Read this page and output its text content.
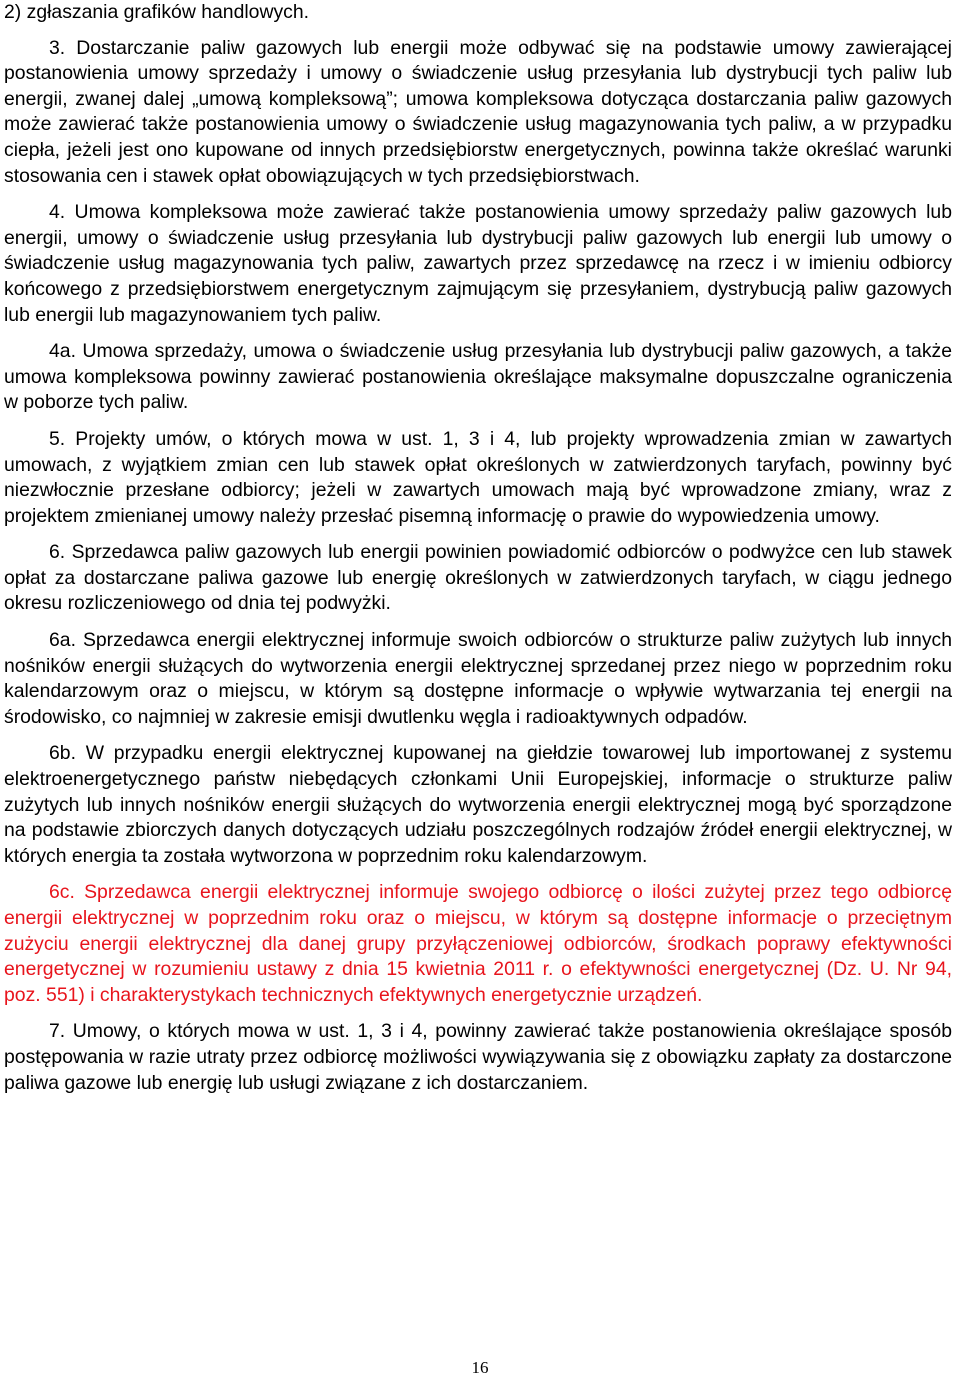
2) zgłaszania grafików handlowych.

3. Dostarczanie paliw gazowych lub energii może odbywać się na podstawie umowy zawierającej postanowienia umowy sprzedaży i umowy o świadczenie usług przesyłania lub dystrybucji tych paliw lub energii, zwanej dalej „umową kompleksową”; umowa kompleksowa dotycząca dostarczania paliw gazowych może zawierać także postanowienia umowy o świadczenie usług magazynowania tych paliw, a w przypadku ciepła, jeżeli jest ono kupowane od innych przedsiębiorstw energetycznych, powinna także określać warunki stosowania cen i stawek opłat obowiązujących w tych przedsiębiorstwach.

4. Umowa kompleksowa może zawierać także postanowienia umowy sprzedaży paliw gazowych lub energii, umowy o świadczenie usług przesyłania lub dystrybucji paliw gazowych lub energii lub umowy o świadczenie usług magazynowania tych paliw, zawartych przez sprzedawcę na rzecz i w imieniu odbiorcy końcowego z przedsiębiorstwem energetycznym zajmującym się przesyłaniem, dystrybucją paliw gazowych lub energii lub magazynowaniem tych paliw.

4a. Umowa sprzedaży, umowa o świadczenie usług przesyłania lub dystrybucji paliw gazowych, a także umowa kompleksowa powinny zawierać postanowienia określające maksymalne dopuszczalne ograniczenia w poborze tych paliw.

5. Projekty umów, o których mowa w ust. 1, 3 i 4, lub projekty wprowadzenia zmian w zawartych umowach, z wyjątkiem zmian cen lub stawek opłat określonych w zatwierdzonych taryfach, powinny być niezwłocznie przesłane odbiorcy; jeżeli w zawartych umowach mają być wprowadzone zmiany, wraz z projektem zmienianej umowy należy przesłać pisemną informację o prawie do wypowiedzenia umowy.

6. Sprzedawca paliw gazowych lub energii powinien powiadomić odbiorców o podwyżce cen lub stawek opłat za dostarczane paliwa gazowe lub energię określonych w zatwierdzonych taryfach, w ciągu jednego okresu rozliczeniowego od dnia tej podwyżki.

6a. Sprzedawca energii elektrycznej informuje swoich odbiorców o strukturze paliw zużytych lub innych nośników energii służących do wytworzenia energii elektrycznej sprzedanej przez niego w poprzednim roku kalendarzowym oraz o miejscu, w którym są dostępne informacje o wpływie wytwarzania tej energii na środowisko, co najmniej w zakresie emisji dwutlenku węgla i radioaktywnych odpadów.

6b. W przypadku energii elektrycznej kupowanej na giełdzie towarowej lub importowanej z systemu elektroenergetycznego państw niebędących członkami Unii Europejskiej, informacje o strukturze paliw zużytych lub innych nośników energii służących do wytworzenia energii elektrycznej mogą być sporządzone na podstawie zbiorczych danych dotyczących udziału poszczególnych rodzajów źródeł energii elektrycznej, w których energia ta została wytworzona w poprzednim roku kalendarzowym.

6c. Sprzedawca energii elektrycznej informuje swojego odbiorcę o ilości zużytej przez tego odbiorcę energii elektrycznej w poprzednim roku oraz o miejscu, w którym są dostępne informacje o przeciętnym zużyciu energii elektrycznej dla danej grupy przyłączeniowej odbiorców, środkach poprawy efektywności energetycznej w rozumieniu ustawy z dnia 15 kwietnia 2011 r. o efektywności energetycznej (Dz. U. Nr 94, poz. 551) i charakterystykach technicznych efektywnych energetycznie urządzeń.

7. Umowy, o których mowa w ust. 1, 3 i 4, powinny zawierać także postanowienia określające sposób postępowania w razie utraty przez odbiorcę możliwości wywiązywania się z obowiązku zapłaty za dostarczone paliwa gazowe lub energię lub usługi związane z ich dostarczaniem.

16
